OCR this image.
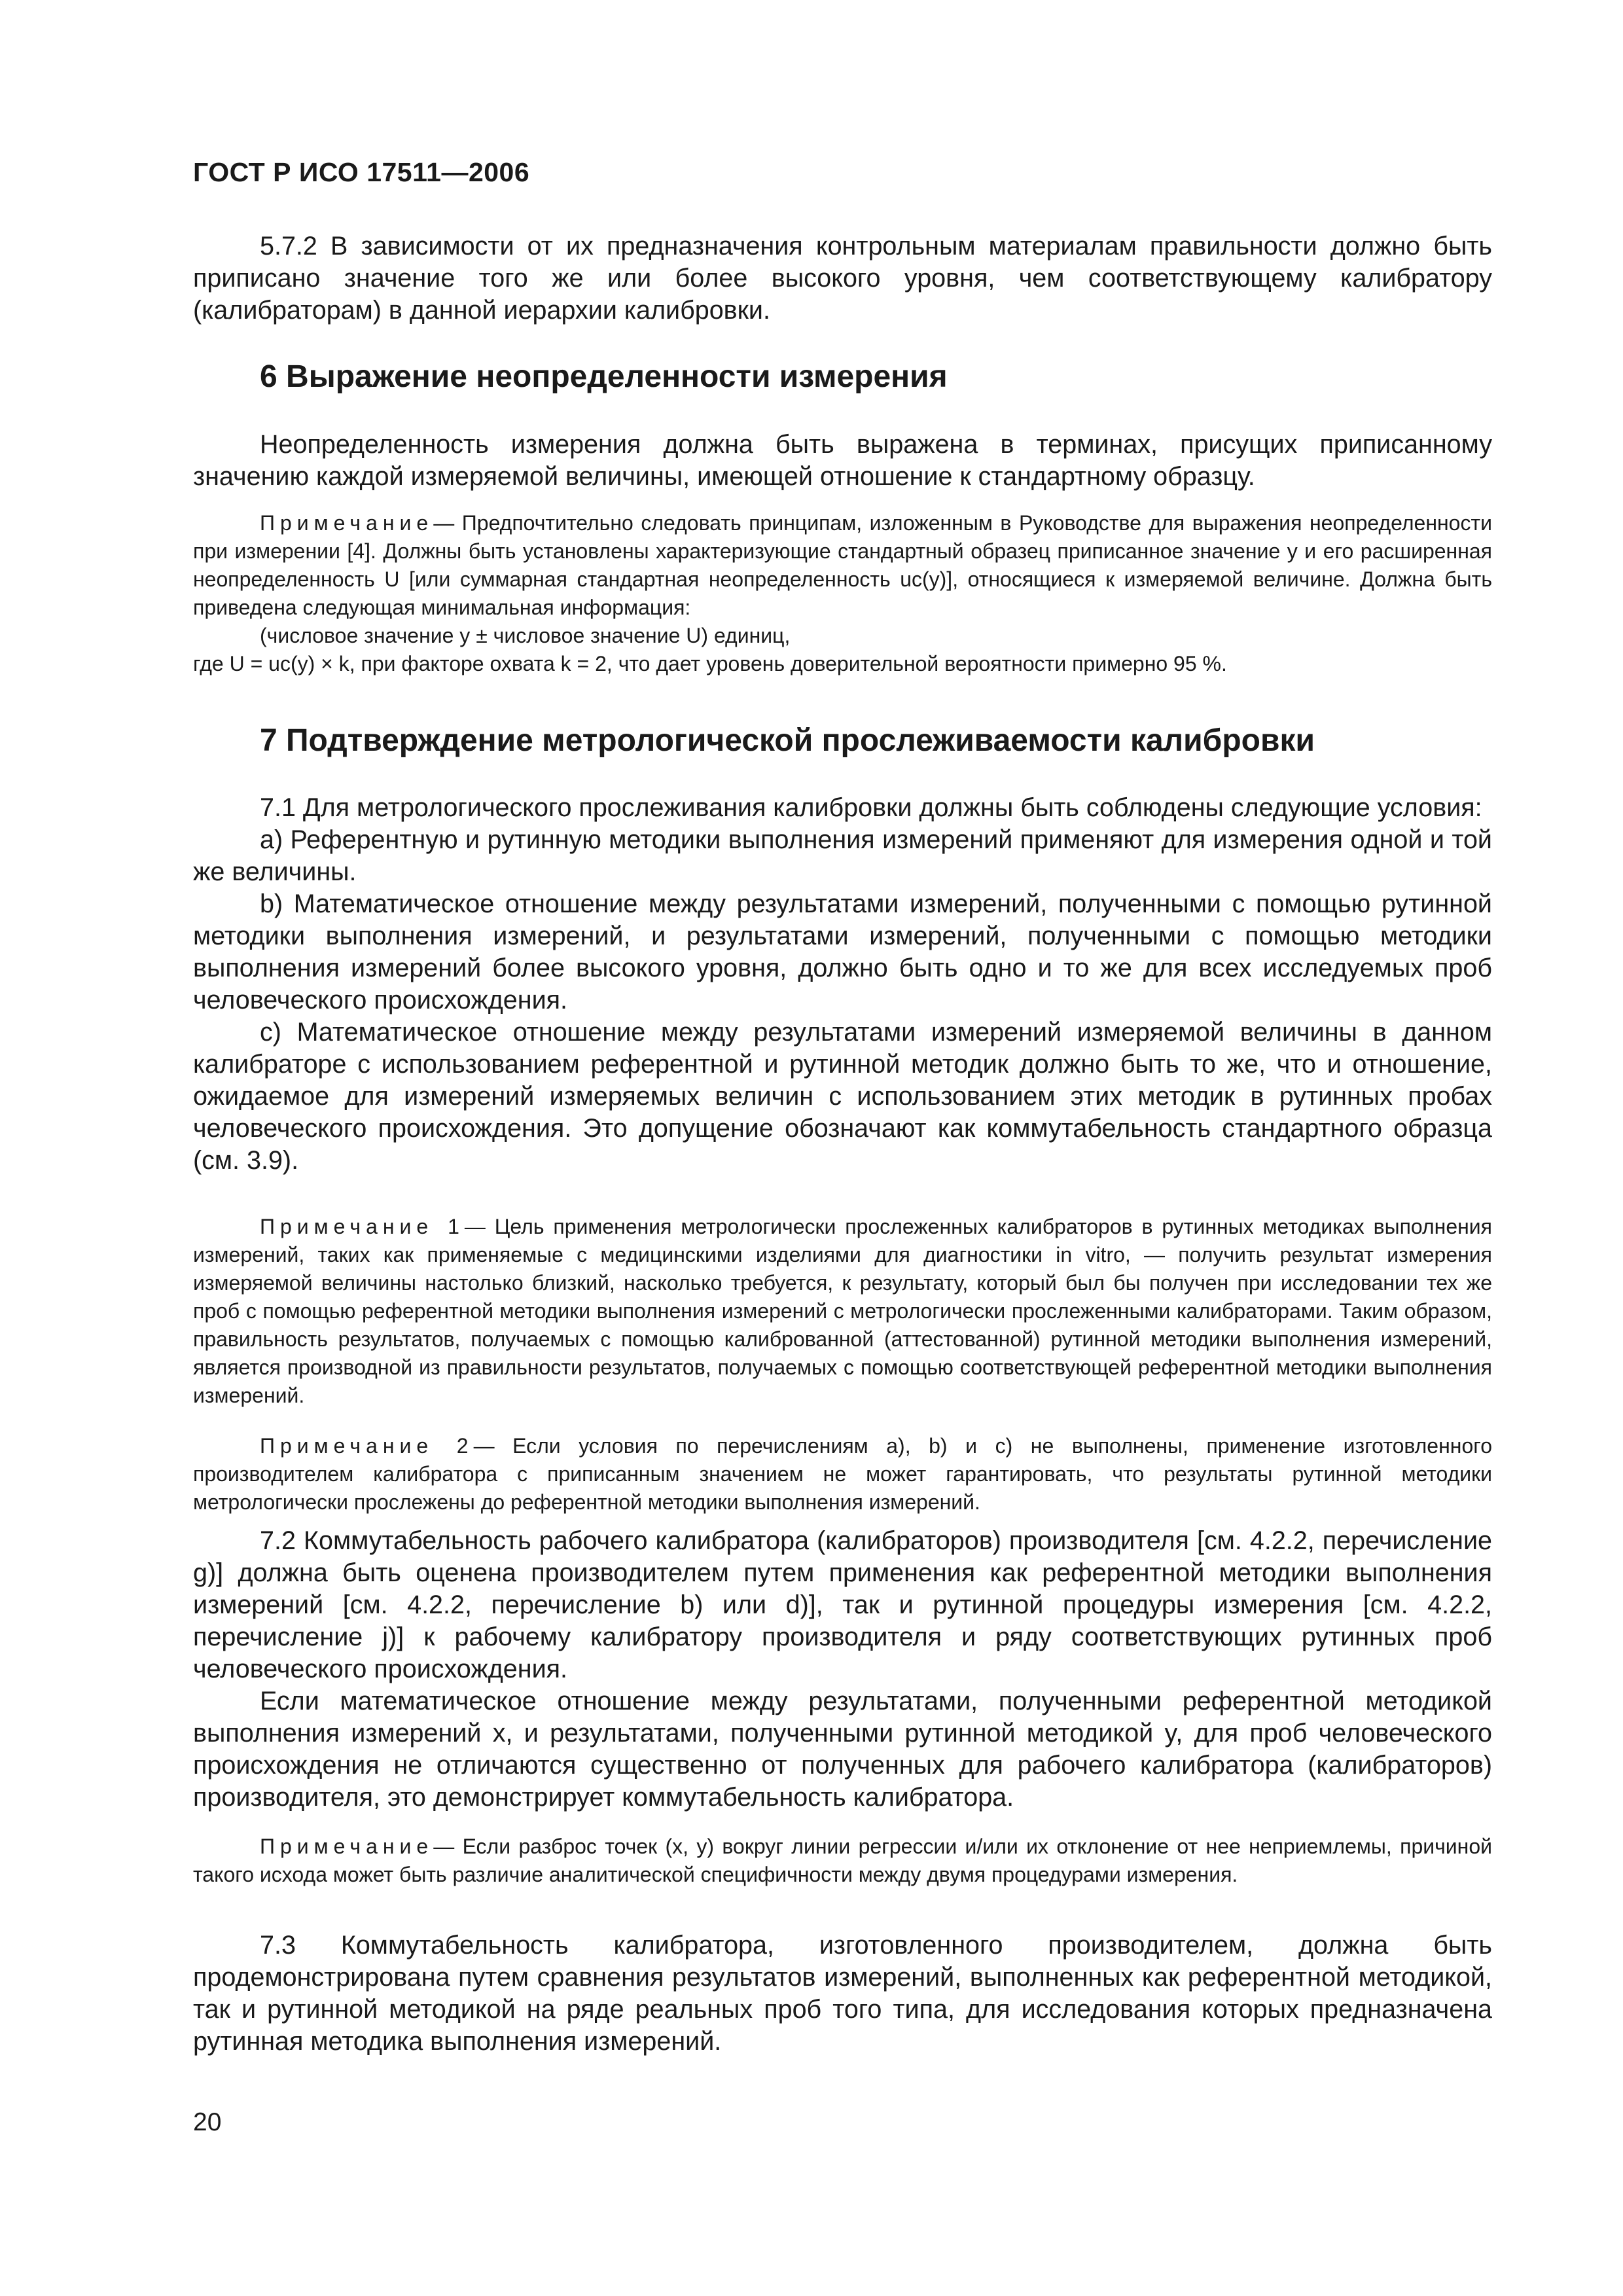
ГОСТ Р ИСО 17511—2006

5.7.2 В зависимости от их предназначения контрольным материалам правильности должно быть приписано значение того же или более высокого уровня, чем соответствующему калибратору (калибраторам) в данной иерархии калибровки.

6 Выражение неопределенности измерения

Неопределенность измерения должна быть выражена в терминах, присущих приписанному значению каждой измеряемой величины, имеющей отношение к стандартному образцу.

Примечание— Предпочтительно следовать принципам, изложенным в Руководстве для выражения неопределенности при измерении [4]. Должны быть установлены характеризующие стандартный образец приписанное значение y и его расширенная неопределенность U [или суммарная стандартная неопределенность uc(y)], относящиеся к измеряемой величине. Должна быть приведена следующая минимальная информация:

(числовое значение y ± числовое значение U) единиц,

где U = uc(y) × k, при факторе охвата k = 2, что дает уровень доверительной вероятности примерно 95 %.

7 Подтверждение метрологической прослеживаемости калибровки

7.1 Для метрологического прослеживания калибровки должны быть соблюдены следующие условия:

a) Референтную и рутинную методики выполнения измерений применяют для измерения одной и той же величины.

b) Математическое отношение между результатами измерений, полученными с помощью рутинной методики выполнения измерений, и результатами измерений, полученными с помощью методики выполнения измерений более высокого уровня, должно быть одно и то же для всех исследуемых проб человеческого происхождения.

c) Математическое отношение между результатами измерений измеряемой величины в данном калибраторе с использованием референтной и рутинной методик должно быть то же, что и отношение, ожидаемое для измерений измеряемых величин с использованием этих методик в рутинных пробах человеческого происхождения. Это допущение обозначают как коммутабельность стандартного образца (см. 3.9).

Примечание 1— Цель применения метрологически прослеженных калибраторов в рутинных методиках выполнения измерений, таких как применяемые с медицинскими изделиями для диагностики in vitro, — получить результат измерения измеряемой величины настолько близкий, насколько требуется, к результату, который был бы получен при исследовании тех же проб с помощью референтной методики выполнения измерений с метрологически прослеженными калибраторами. Таким образом, правильность результатов, получаемых с помощью калиброванной (аттестованной) рутинной методики выполнения измерений, является производной из правильности результатов, получаемых с помощью соответствующей референтной методики выполнения измерений.

Примечание 2— Если условия по перечислениям a), b) и c) не выполнены, применение изготовленного производителем калибратора с приписанным значением не может гарантировать, что результаты рутинной методики метрологически прослежены до референтной методики выполнения измерений.

7.2 Коммутабельность рабочего калибратора (калибраторов) производителя [см. 4.2.2, перечисление g)] должна быть оценена производителем путем применения как референтной методики выполнения измерений [см. 4.2.2, перечисление b) или d)], так и рутинной процедуры измерения [см. 4.2.2, перечисление j)] к рабочему калибратору производителя и ряду соответствующих рутинных проб человеческого происхождения.

Если математическое отношение между результатами, полученными референтной методикой выполнения измерений x, и результатами, полученными рутинной методикой y, для проб человеческого происхождения не отличаются существенно от полученных для рабочего калибратора (калибраторов) производителя, это демонстрирует коммутабельность калибратора.

Примечание— Если разброс точек (x, y) вокруг линии регрессии и/или их отклонение от нее неприемлемы, причиной такого исхода может быть различие аналитической специфичности между двумя процедурами измерения.

7.3 Коммутабельность калибратора, изготовленного производителем, должна быть продемонстрирована путем сравнения результатов измерений, выполненных как референтной методикой, так и рутинной методикой на ряде реальных проб того типа, для исследования которых предназначена рутинная методика выполнения измерений.

20
